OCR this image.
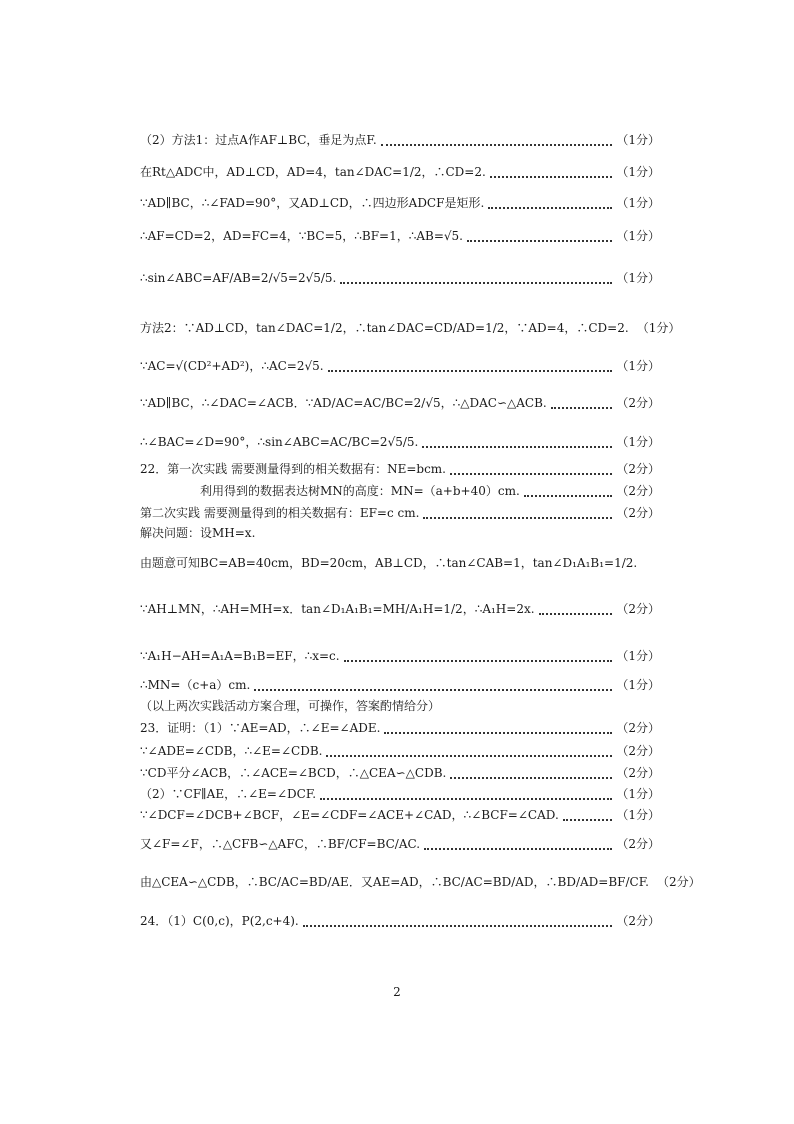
（2）方法1：过点A作AF⊥BC，垂足为点F.	（1分）
在Rt△ADC中，AD⊥CD，AD=4，tan∠DAC=1/2，∴CD=2.	（1分）
∵AD∥BC，∴∠FAD=90°，又AD⊥CD，∴四边形ADCF是矩形.	（1分）
∴AF=CD=2，AD=FC=4，∵BC=5，∴BF=1，∴AB=√5.	（1分）
∴sin∠ABC=AF/AB=2/√5=2√5/5.	（1分）
方法2：∵AD⊥CD，tan∠DAC=1/2，∴tan∠DAC=CD/AD=1/2，∵AD=4，∴CD=2. （1分）
∵AC=√(CD²+AD²)，∴AC=2√5.	（1分）
∵AD∥BC，∴∠DAC=∠ACB．∵AD/AC=AC/BC=2/√5，∴△DAC∽△ACB.	（2分）
∴∠BAC=∠D=90°，∴sin∠ABC=AC/BC=2√5/5.	（1分）
22．第一次实践 需要测量得到的相关数据有：NE=bcm.	（2分）
利用得到的数据表达树MN的高度：MN=（a+b+40）cm.	（2分）
第二次实践 需要测量得到的相关数据有：EF=c cm.	（2分）
解决问题：设MH=x.
由题意可知BC=AB=40cm，BD=20cm，AB⊥CD，∴tan∠CAB=1，tan∠D₁A₁B₁=1/2.
∵AH⊥MN，∴AH=MH=x．tan∠D₁A₁B₁=MH/A₁H=1/2，∴A₁H=2x.	（2分）
∵A₁H−AH=A₁A=B₁B=EF，∴x=c.	（1分）
∴MN=（c+a）cm.	（1分）
（以上两次实践活动方案合理，可操作，答案酌情给分）
23．证明：（1）∵AE=AD，∴∠E=∠ADE.	（2分）
∵∠ADE=∠CDB，∴∠E=∠CDB.	（2分）
∵CD平分∠ACB，∴∠ACE=∠BCD，∴△CEA∽△CDB.	（2分）
（2）∵CF∥AE，∴∠E=∠DCF.	（1分）
∵∠DCF=∠DCB+∠BCF，∠E=∠CDF=∠ACE+∠CAD，∴∠BCF=∠CAD.	（1分）
又∠F=∠F，∴△CFB∽△AFC，∴BF/CF=BC/AC.	（2分）
由△CEA∽△CDB，∴BC/AC=BD/AE．又AE=AD，∴BC/AC=BD/AD，∴BD/AD=BF/CF. （2分）
24．（1）C(0,c)，P(2,c+4).	（2分）
2
